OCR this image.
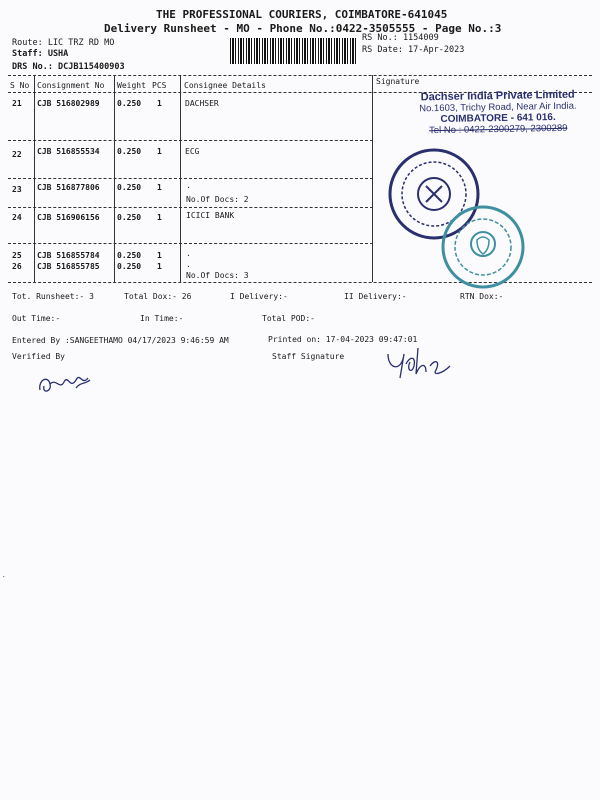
THE PROFESSIONAL COURIERS, COIMBATORE-641045
Delivery Runsheet - MO - Phone No.:0422-3505555 - Page No.:3
Route: LIC TRZ RD MO
Staff: USHA
DRS No.: DCJB115400903
RS No.: 1154009
RS Date: 17-Apr-2023
S No Consignment No Weight PCS Consignee Details	Signature
21 CJB 516802989 0.250 1	DACHSER
22 CJB 516855534 0.250 1	ECG
23 CJB 516877806 0.250 1	.
No.Of Docs: 2
24 CJB 516906156 0.250 1	ICICI BANK
25 CJB 516855784 0.250 1	.
26 CJB 516855785 0.250 1	.
No.Of Docs: 3
Tot. Runsheet:- 3	Total Dox:- 26	I Delivery:-	II Delivery:-	RTN Dox:-
Out Time:-	In Time:-	Total POD:-
Entered By :SANGEETHAMO 04/17/2023 9:46:59 AM	Printed on: 17-04-2023 09:47:01
Verified By	Staff Signature
Dachser India Private Limited
No.1603, Trichy Road, Near Air India.
COIMBATORE - 641 016.
Tel No : 0422-2300279, 2300289
.
